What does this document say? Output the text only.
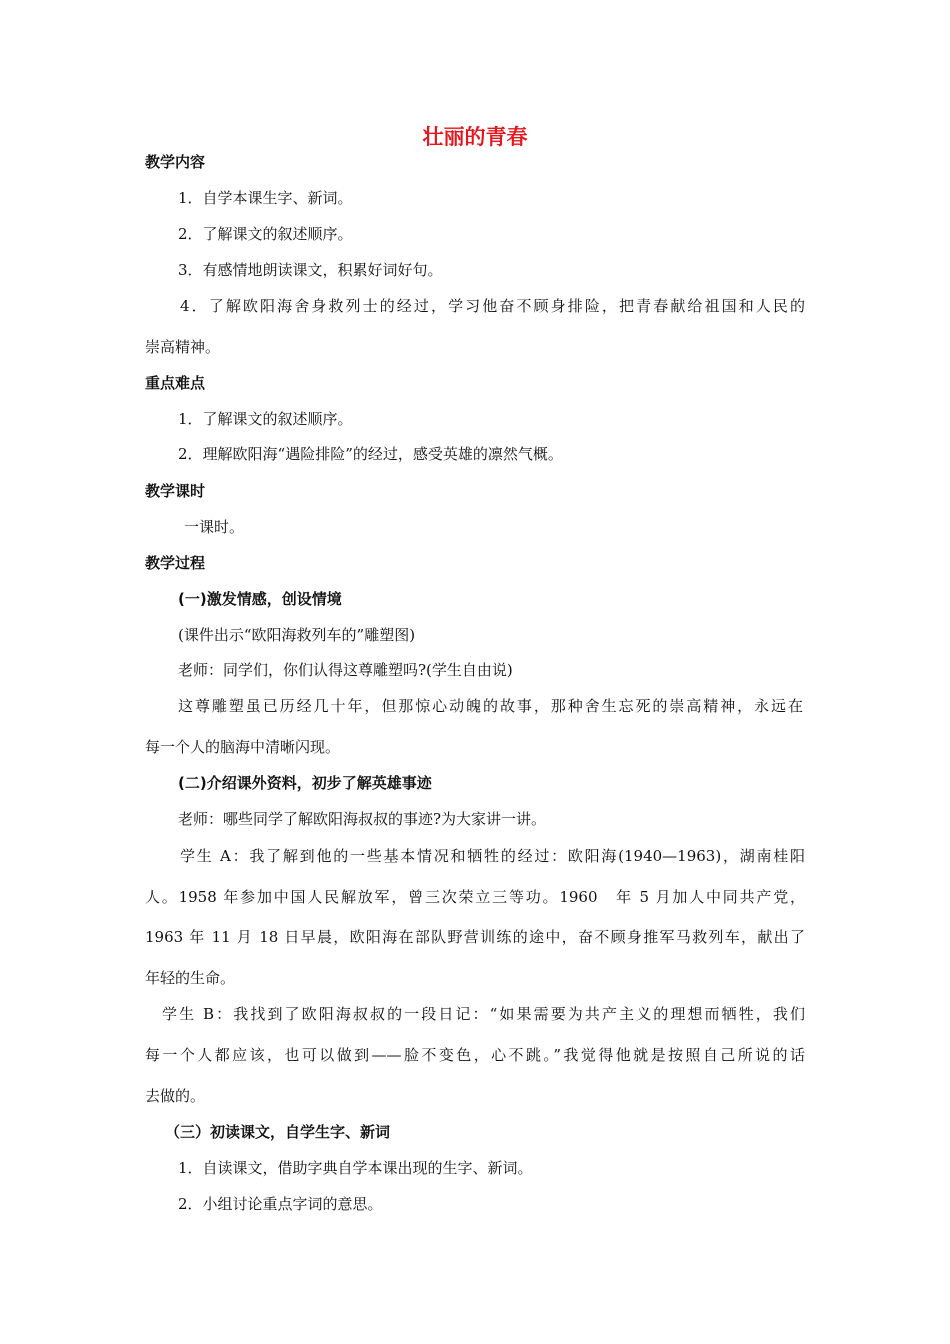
壮丽的青春
教学内容
1．自学本课生字、新词。
2．了解课文的叙述顺序。
3．有感情地朗读课文，积累好词好句。
4．了解欧阳海舍身救列士的经过，学习他奋不顾身排险，把青春献给祖国和人民的
崇高精神。
重点难点
1．了解课文的叙述顺序。
2．理解欧阳海“遇险排险”的经过，感受英雄的凛然气概。
教学课时
一课时。
教学过程
(一)激发情感，创设情境
(课件出示“欧阳海救列车的”雕塑图)
老师：同学们，你们认得这尊雕塑吗?(学生自由说)
这尊雕塑虽已历经几十年，但那惊心动魄的故事，那种舍生忘死的崇高精神，永远在
每一个人的脑海中清晰闪现。
(二)介绍课外资料，初步了解英雄事迹
老师：哪些同学了解欧阳海叔叔的事迹?为大家讲一讲。
学生 A：我了解到他的一些基本情况和牺牲的经过：欧阳海(1940—1963)，湖南桂阳
人。1958 年参加中国人民解放军，曾三次荣立三等功。1960　年 5 月加人中同共产党，
1963 年 11 月 18 日早晨，欧阳海在部队野营训练的途中，奋不顾身推军马救列车，献出了
年轻的生命。
学生 B：我找到了欧阳海叔叔的一段日记：“如果需要为共产主义的理想而牺牲，我们
每一个人都应该，也可以做到——脸不变色，心不跳。”我觉得他就是按照自己所说的话
去做的。
（三）初读课文，自学生字、新词
1．自读课文，借助字典自学本课出现的生字、新词。
2．小组讨论重点字词的意思。
